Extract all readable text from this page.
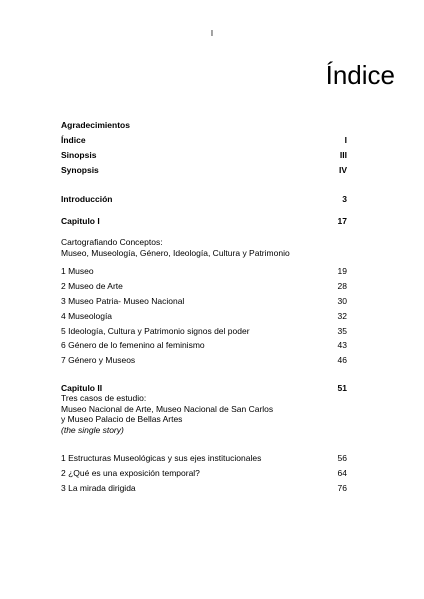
I
Índice
Agradecimientos
Índice	I
Sinopsis	III
Synopsis	IV
Introducción	3
Capitulo I	17
Cartografiando Conceptos:
Museo, Museología, Género, Ideología, Cultura y Patrimonio
1 Museo	19
2 Museo de Arte	28
3 Museo Patria- Museo Nacional	30
4 Museología	32
5 Ideología, Cultura y Patrimonio signos del poder	35
6 Género de lo femenino al feminismo	43
7 Género y Museos	46
Capitulo II	51
Tres casos de estudio:
Museo Nacional de Arte, Museo Nacional de San Carlos
y Museo Palacio de Bellas Artes
(the single story)
1 Estructuras Museológicas y sus ejes institucionales	56
2 ¿Qué es una exposición temporal?	64
3 La mirada dirigida	76
